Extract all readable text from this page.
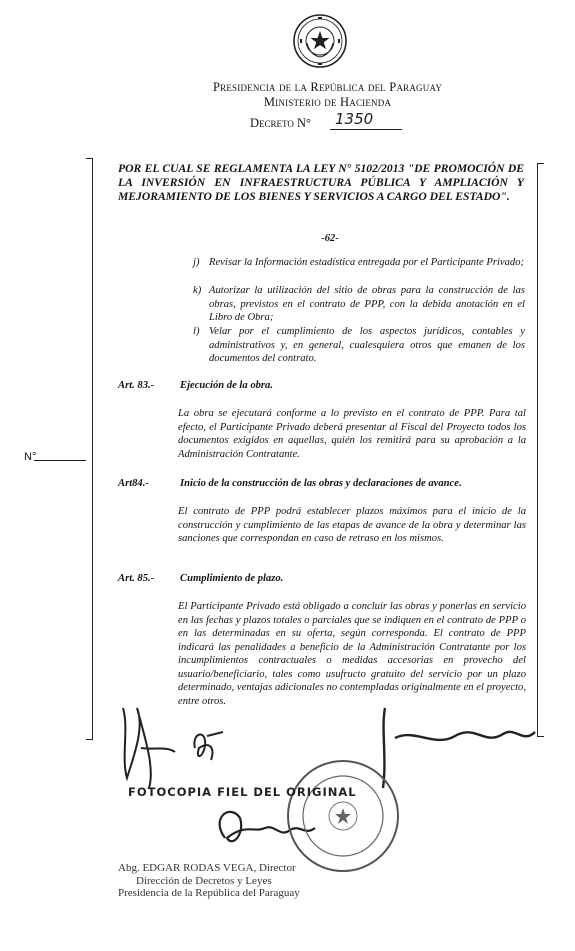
Presidencia de la República del Paraguay
Ministerio de Hacienda
Decreto N° 1350
N°
POR EL CUAL SE REGLAMENTA LA LEY N° 5102/2013 "DE PROMOCIÓN DE LA INVERSIÓN EN INFRAESTRUCTURA PÚBLICA Y AMPLIACIÓN Y MEJORAMIENTO DE LOS BIENES Y SERVICIOS A CARGO DEL ESTADO".
-62-
j) Revisar la Información estadística entregada por el Participante Privado;
k) Autorizar la utilización del sitio de obras para la construcción de las obras, previstos en el contrato de PPP, con la debida anotación en el Libro de Obra;
l) Velar por el cumplimiento de los aspectos jurídicos, contables y administrativos y, en general, cualesquiera otros que emanen de los documentos del contrato.
Art. 83.- Ejecución de la obra.
La obra se ejecutará conforme a lo previsto en el contrato de PPP. Para tal efecto, el Participante Privado deberá presentar al Fiscal del Proyecto todos los documentos exigidos en aquellas, quién los remitirá para su aprobación a la Administración Contratante.
Art84.-	Inicio de la construcción de las obras y declaraciones de avance.
El contrato de PPP podrá establecer plazos máximos para el inicio de la construcción y cumplimiento de las etapas de avance de la obra y determinar las sanciones que correspondan en caso de retraso en los mismos.
Art. 85.- Cumplimiento de plazo.
El Participante Privado está obligado a concluir las obras y ponerlas en servicio en las fechas y plazos totales o parciales que se indiquen en el contrato de PPP o en las determinadas en su oferta, según corresponda. El contrato de PPP indicará las penalidades a beneficio de la Administración Contratante por los incumplimientos contractuales o medidas accesorias en provecho del usuario/beneficiario, tales como usufructo gratuito del servicio por un plazo determinado, ventajas adicionales no contempladas originalmente en el proyecto, entre otros.
FOTOCOPIA FIEL DEL ORIGINAL
Abg. EDGAR RODAS VEGA, Director
Dirección de Decretos y Leyes
Presidencia de la República del Paraguay
